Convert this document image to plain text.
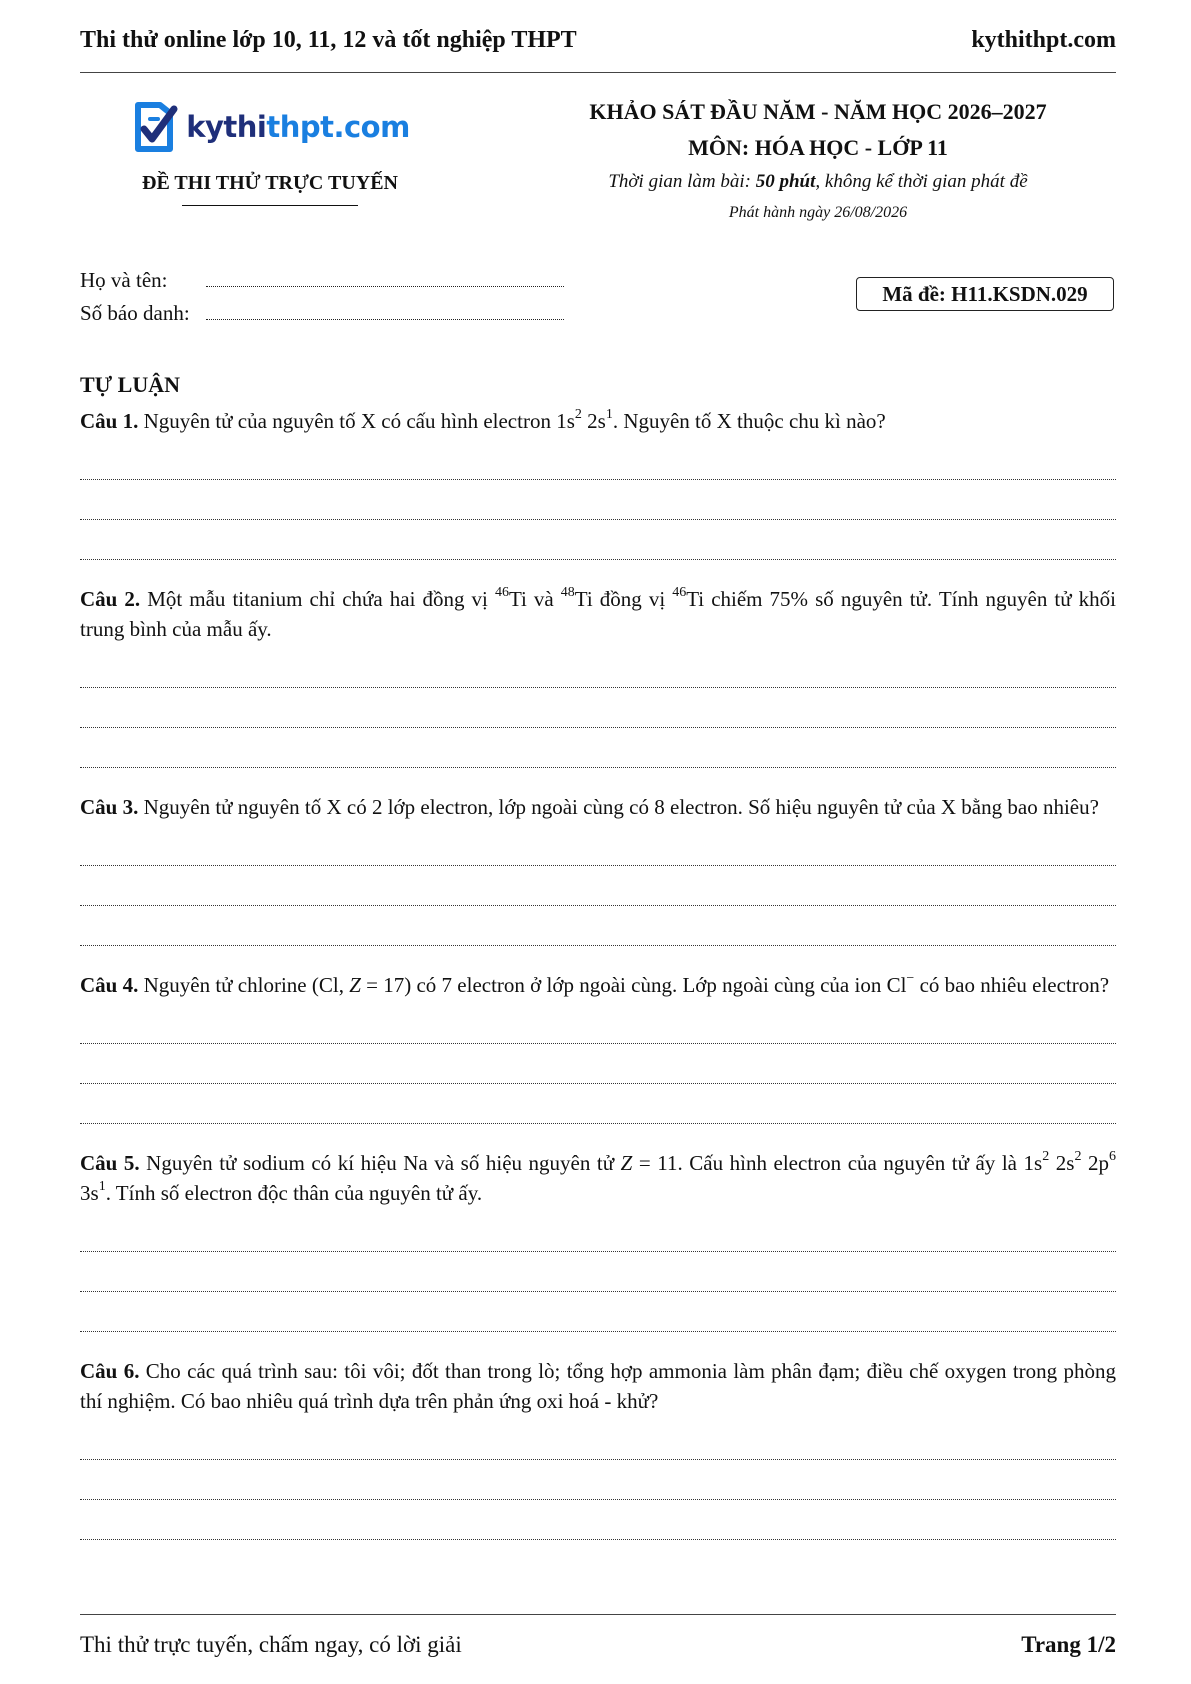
Thi thử online lớp 10, 11, 12 và tốt nghiệp THPT	kythithpt.com
kythithpt.com
ĐỀ THI THỬ TRỰC TUYẾN
KHẢO SÁT ĐẦU NĂM - NĂM HỌC 2026–2027
MÔN: HÓA HỌC - LỚP 11
Thời gian làm bài: 50 phút, không kể thời gian phát đề
Phát hành ngày 26/08/2026
Họ và tên:
Số báo danh:
Mã đề: H11.KSDN.029
TỰ LUẬN
Câu 1. Nguyên tử của nguyên tố X có cấu hình electron $1s^2$ $2s^1$. Nguyên tố X thuộc chu kì nào?
Câu 2. Một mẫu titanium chỉ chứa hai đồng vị $^{46}$Ti và $^{48}$Ti đồng vị $^{46}$Ti chiếm 75% số nguyên tử. Tính nguyên tử khối trung bình của mẫu ấy.
Câu 3. Nguyên tử nguyên tố X có 2 lớp electron, lớp ngoài cùng có 8 electron. Số hiệu nguyên tử của X bằng bao nhiêu?
Câu 4. Nguyên tử chlorine (Cl, Z = 17) có 7 electron ở lớp ngoài cùng. Lớp ngoài cùng của ion Cl− có bao nhiêu electron?
Câu 5. Nguyên tử sodium có kí hiệu Na và số hiệu nguyên tử Z = 11. Cấu hình electron của nguyên tử ấy là $1s^2$ $2s^2$ $2p^6$ $3s^1$. Tính số electron độc thân của nguyên tử ấy.
Câu 6. Cho các quá trình sau: tôi vôi; đốt than trong lò; tổng hợp ammonia làm phân đạm; điều chế oxygen trong phòng thí nghiệm. Có bao nhiêu quá trình dựa trên phản ứng oxi hoá - khử?
Thi thử trực tuyến, chấm ngay, có lời giải	Trang 1/2
